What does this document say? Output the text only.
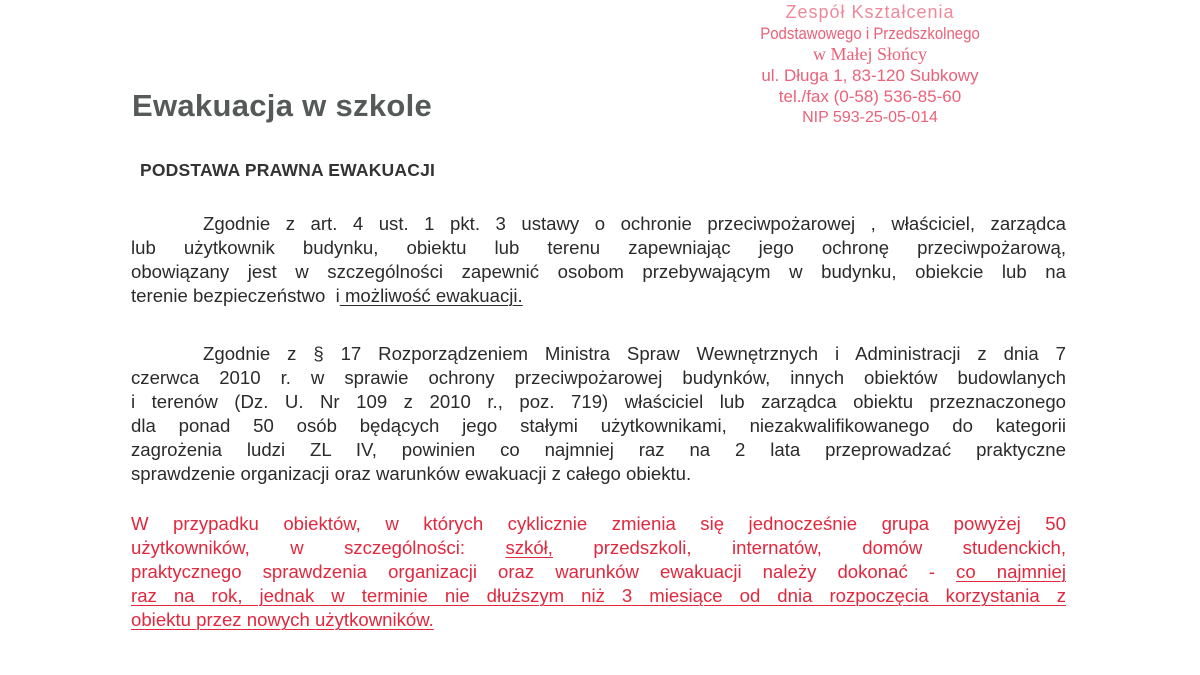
Zespół Kształcenia
Podstawowego i Przedszkolnego
w Małej Słońcy
ul. Długa 1, 83-120 Subkowy
tel./fax (0-58) 536-85-60
NIP 593-25-05-014
Ewakuacja w szkole
PODSTAWA PRAWNA EWAKUACJI
Zgodnie z art. 4 ust. 1 pkt. 3 ustawy o ochronie przeciwpożarowej , właściciel, zarządca
lub użytkownik budynku, obiektu lub terenu zapewniając jego ochronę przeciwpożarową,
obowiązany jest w szczególności zapewnić osobom przebywającym w budynku, obiekcie lub na
terenie bezpieczeństwo  i możliwość ewakuacji.
Zgodnie z § 17 Rozporządzeniem Ministra Spraw Wewnętrznych i Administracji z dnia 7
czerwca 2010 r. w sprawie ochrony przeciwpożarowej budynków, innych obiektów budowlanych
i terenów (Dz. U. Nr 109 z 2010 r., poz. 719) właściciel lub zarządca obiektu przeznaczonego
dla ponad 50 osób będących jego stałymi użytkownikami, niezakwalifikowanego do kategorii
zagrożenia ludzi ZL IV, powinien co najmniej raz na 2 lata przeprowadzać praktyczne
sprawdzenie organizacji oraz warunków ewakuacji z całego obiektu.
W przypadku obiektów, w których cyklicznie zmienia się jednocześnie grupa powyżej 50
użytkowników, w szczególności: szkół, przedszkoli, internatów, domów studenckich,
praktycznego sprawdzenia organizacji oraz warunków ewakuacji należy dokonać - co najmniej
raz na rok, jednak w terminie nie dłuższym niż 3 miesiące od dnia rozpoczęcia korzystania z
obiektu przez nowych użytkowników.
